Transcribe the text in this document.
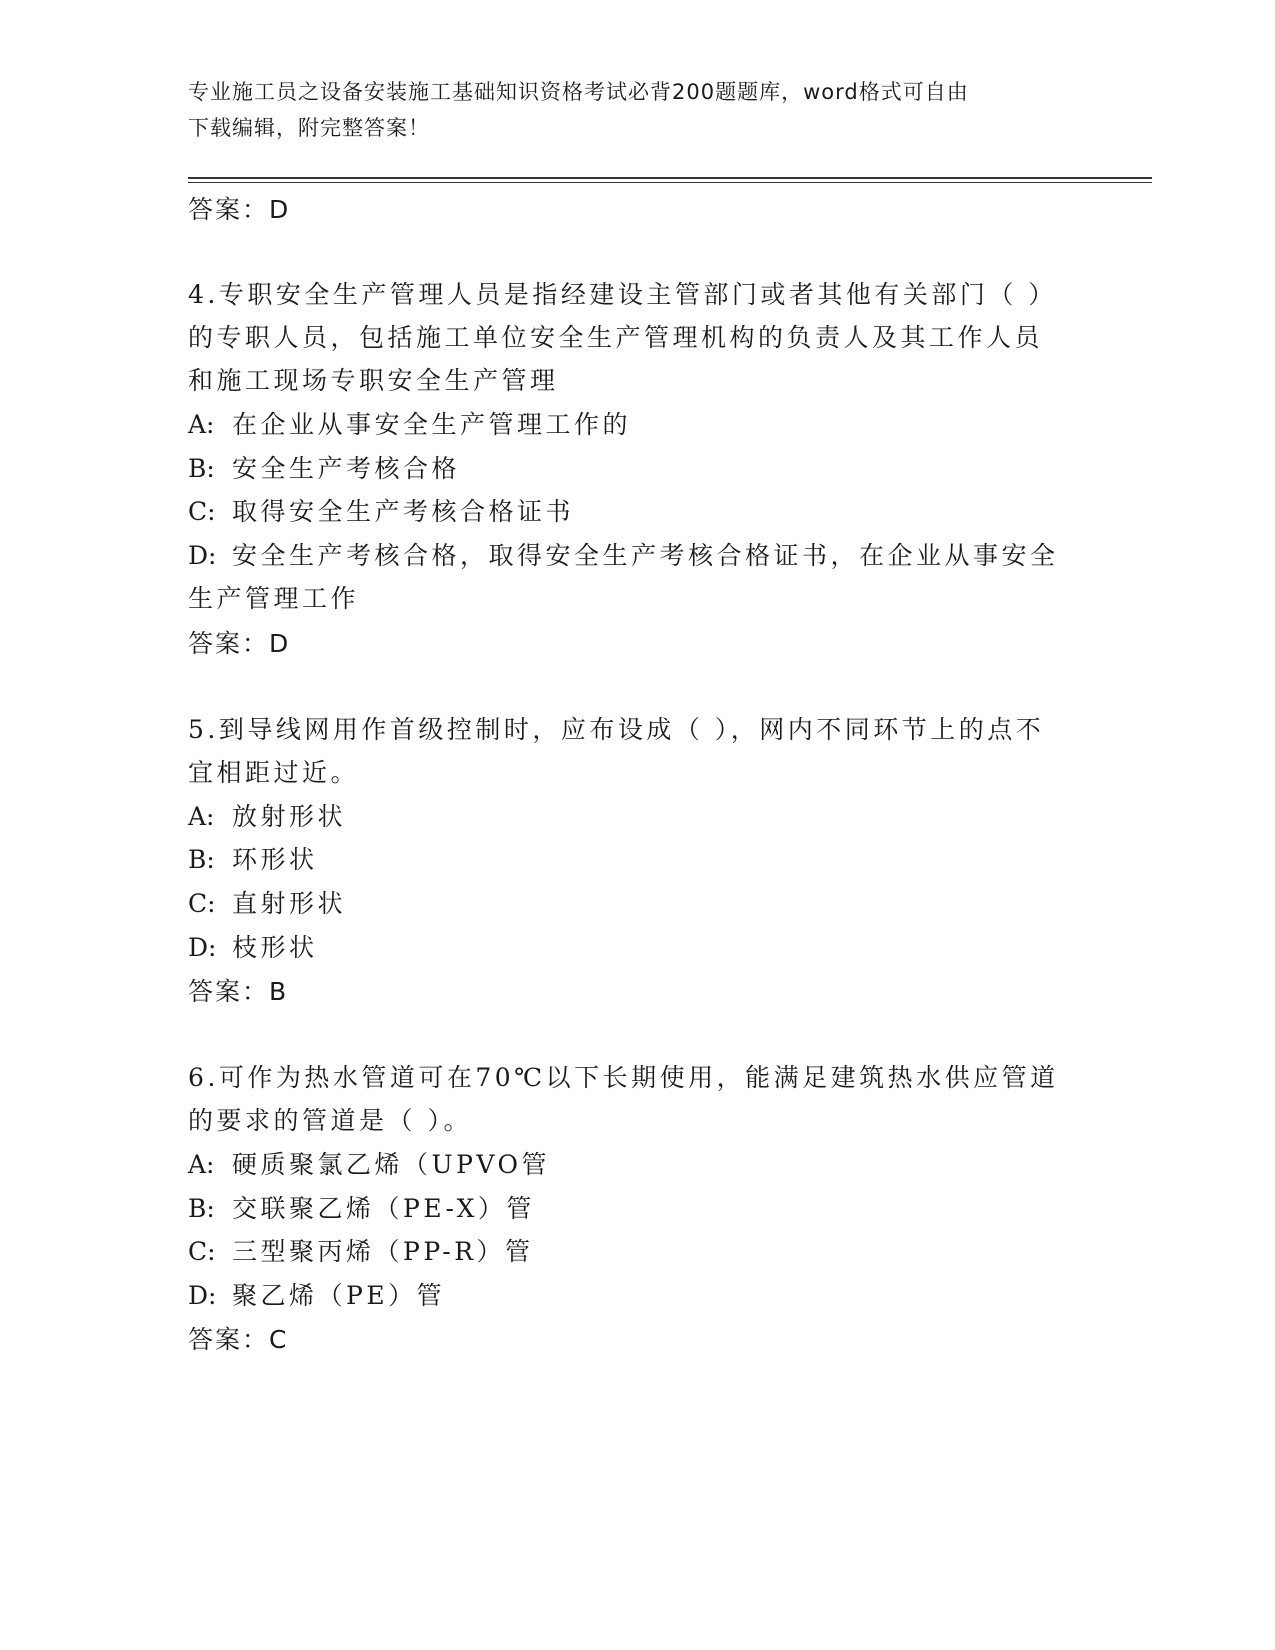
专业施工员之设备安装施工基础知识资格考试必背200题题库，word格式可自由

下载编辑，附完整答案！

答案：D

4.专职安全生产管理人员是指经建设主管部门或者其他有关部门（ ）

的专职人员，包括施工单位安全生产管理机构的负责人及其工作人员

和施工现场专职安全生产管理

A: 在企业从事安全生产管理工作的

B: 安全生产考核合格

C: 取得安全生产考核合格证书

D: 安全生产考核合格，取得安全生产考核合格证书，在企业从事安全

生产管理工作

答案：D

5.到导线网用作首级控制时，应布设成（ ），网内不同环节上的点不

宜相距过近。

A: 放射形状

B: 环形状

C: 直射形状

D: 枝形状

答案：B

6.可作为热水管道可在70℃以下长期使用，能满足建筑热水供应管道

的要求的管道是（ ）。

A: 硬质聚氯乙烯（UPVO管

B: 交联聚乙烯（PE-X）管

C: 三型聚丙烯（PP-R）管

D: 聚乙烯（PE）管

答案：C
